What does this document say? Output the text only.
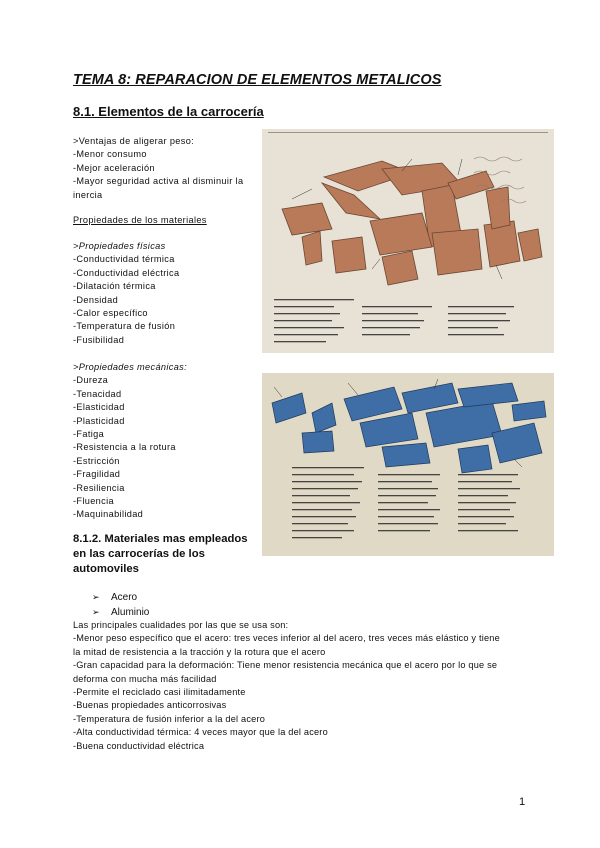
TEMA 8: REPARACION DE ELEMENTOS METALICOS
8.1. Elementos de la carrocería
>Ventajas de aligerar peso:
-Menor consumo
-Mejor aceleración
-Mayor seguridad activa al disminuir la
inercia
Propiedades de los materiales
>Propiedades físicas
-Conductividad térmica
-Conductividad eléctrica
-Dilatación térmica
-Densidad
-Calor específico
-Temperatura de fusión
-Fusibilidad
>Propiedades mecánicas:
-Dureza
-Tenacidad
-Elasticidad
-Plasticidad
-Fatiga
-Resistencia a la rotura
-Estricción
-Fragilidad
-Resiliencia
-Fluencia
-Maquinabilidad
8.1.2. Materiales mas empleados en las carrocerías de los automoviles
➢ Acero
➢ Aluminio
Las principales cualidades por las que se usa son:
-Menor peso específico que el acero: tres veces inferior al del acero, tres veces más elástico y tiene
la mitad de resistencia a la tracción y la rotura que el acero
-Gran capacidad para la deformación: Tiene menor resistencia mecánica que el acero por lo que se
deforma con mucha más facilidad
-Permite el reciclado casi ilimitadamente
-Buenas propiedades anticorrosivas
-Temperatura de fusión inferior a la del acero
-Alta conductividad térmica: 4 veces mayor que la del acero
-Buena conductividad eléctrica
1
